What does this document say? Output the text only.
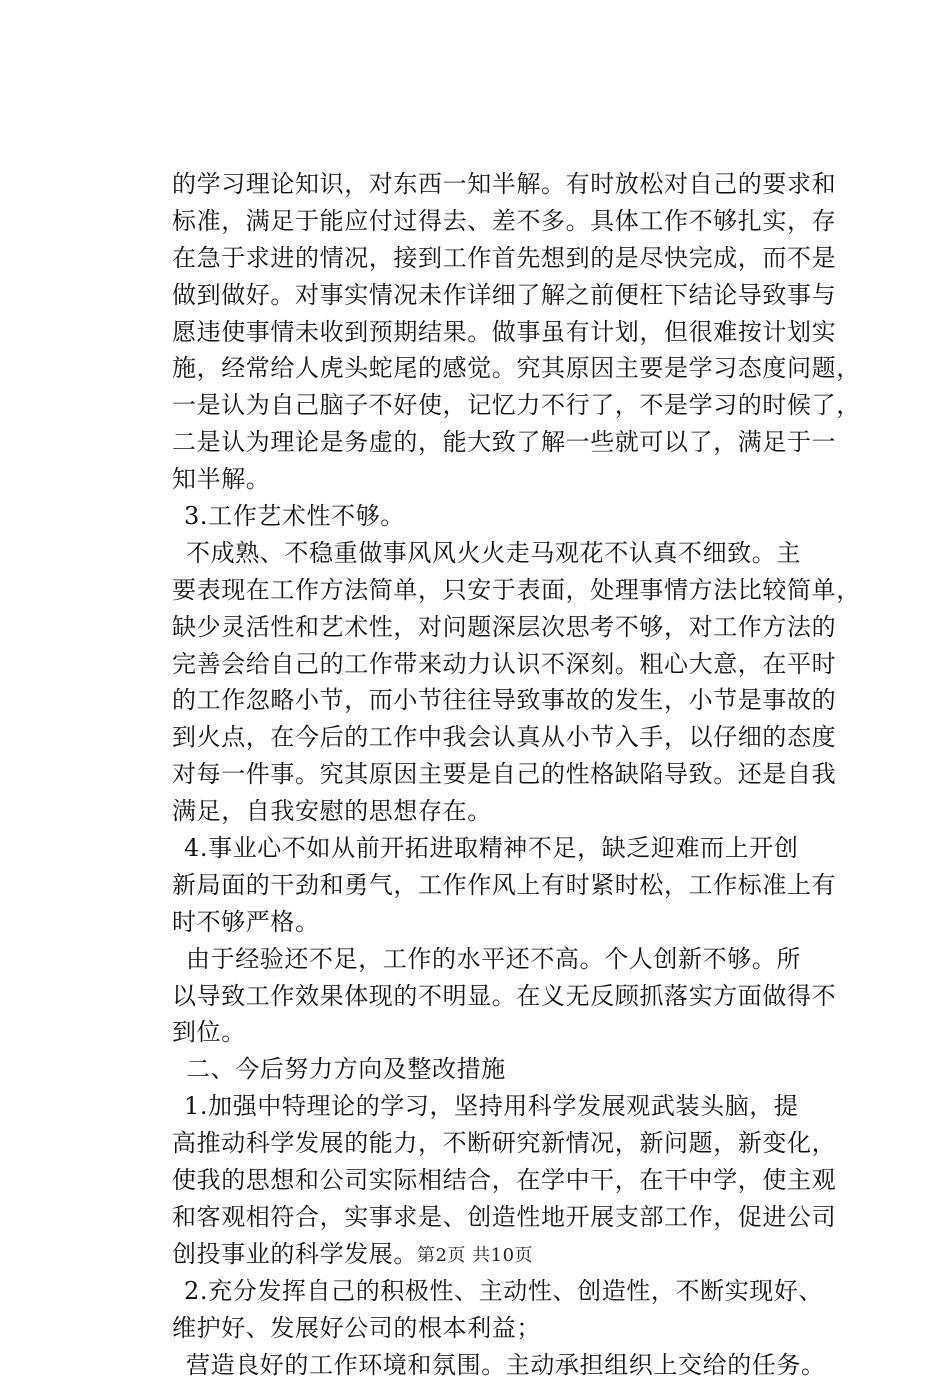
的学习理论知识，对东西一知半解。有时放松对自己的要求和
标准，满足于能应付过得去、差不多。具体工作不够扎实，存
在急于求进的情况，接到工作首先想到的是尽快完成，而不是
做到做好。对事实情况未作详细了解之前便枉下结论导致事与
愿违使事情未收到预期结果。做事虽有计划，但很难按计划实
施，经常给人虎头蛇尾的感觉。究其原因主要是学习态度问题，
一是认为自己脑子不好使，记忆力不行了，不是学习的时候了，
二是认为理论是务虚的，能大致了解一些就可以了，满足于一
知半解。
3.工作艺术性不够。
不成熟、不稳重做事风风火火走马观花不认真不细致。主
要表现在工作方法简单，只安于表面，处理事情方法比较简单，
缺少灵活性和艺术性，对问题深层次思考不够，对工作方法的
完善会给自己的工作带来动力认识不深刻。粗心大意，在平时
的工作忽略小节，而小节往往导致事故的发生，小节是事故的
到火点，在今后的工作中我会认真从小节入手，以仔细的态度
对每一件事。究其原因主要是自己的性格缺陷导致。还是自我
满足，自我安慰的思想存在。
4.事业心不如从前开拓进取精神不足，缺乏迎难而上开创
新局面的干劲和勇气，工作作风上有时紧时松，工作标准上有
时不够严格。
由于经验还不足，工作的水平还不高。个人创新不够。所
以导致工作效果体现的不明显。在义无反顾抓落实方面做得不
到位。
二、今后努力方向及整改措施
1.加强中特理论的学习，坚持用科学发展观武装头脑，提
高推动科学发展的能力，不断研究新情况，新问题，新变化，
使我的思想和公司实际相结合，在学中干，在干中学，使主观
和客观相符合，实事求是、创造性地开展支部工作，促进公司
创投事业的科学发展。
2.充分发挥自己的积极性、主动性、创造性，不断实现好、
维护好、发展好公司的根本利益；
营造良好的工作环境和氛围。主动承担组织上交给的任务。
第2页 共10页
